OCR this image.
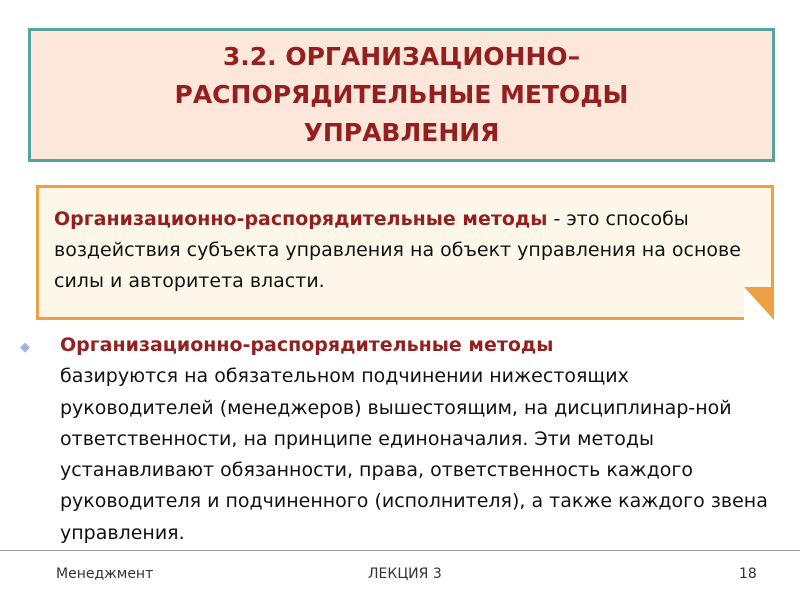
3.2. ОРГАНИЗАЦИОННО–
РАСПОРЯДИТЕЛЬНЫЕ МЕТОДЫ
УПРАВЛЕНИЯ

Организационно-распорядительные методы - это способы воздействия субъекта управления на объект управления на основе силы и авторитета власти.

◆ Организационно-распорядительные методы
базируются на обязательном подчинении нижестоящих руководителей (менеджеров) вышестоящим, на дисциплинар-ной ответственности, на принципе единоначалия. Эти методы устанавливают обязанности, права, ответственность каждого руководителя и подчиненного (исполнителя), а также каждого звена управления.

Менеджмент	ЛЕКЦИЯ 3	18
